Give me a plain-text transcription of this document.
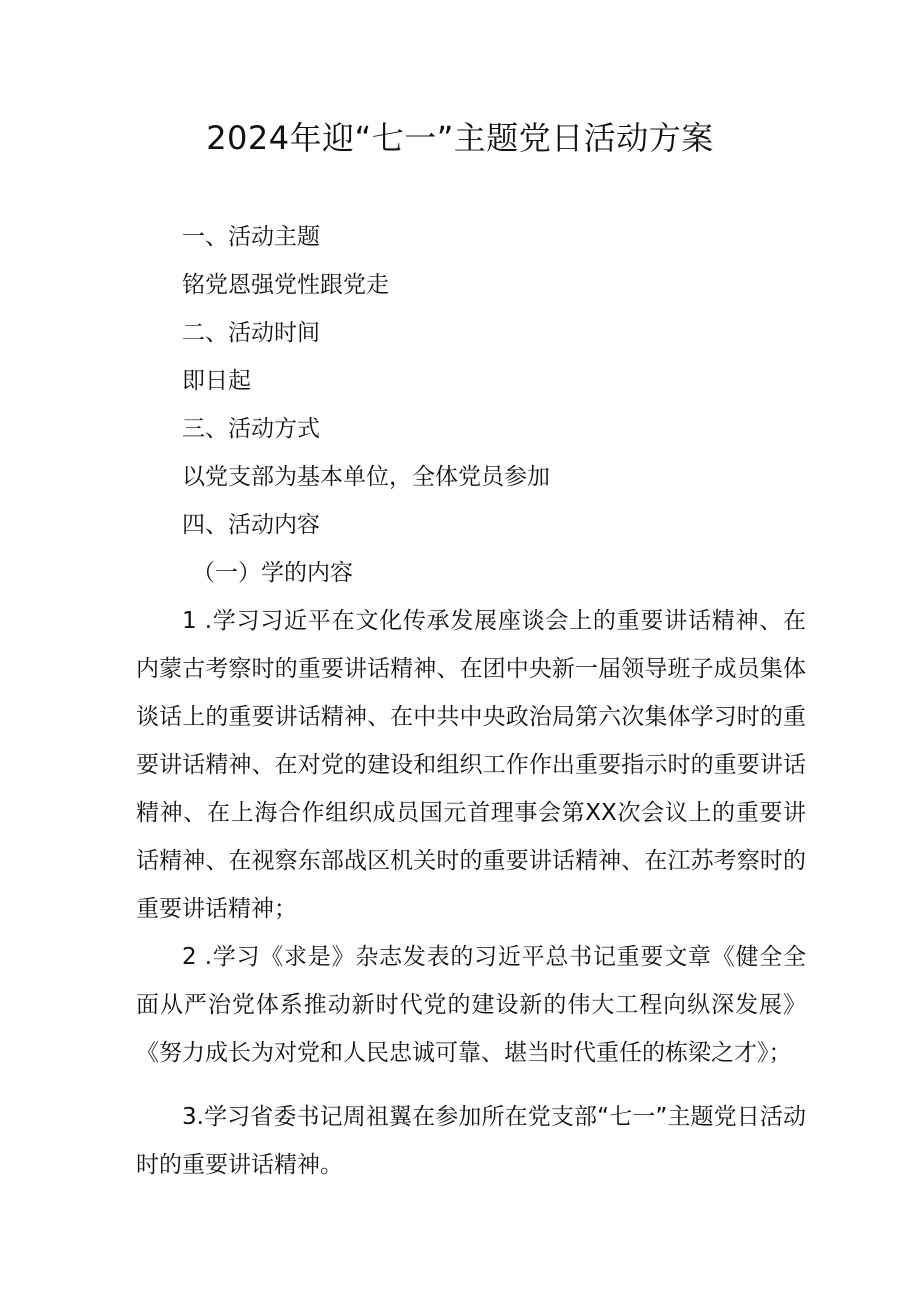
2024年迎“七一”主题党日活动方案
一、活动主题
铭党恩强党性跟党走
二、活动时间
即日起
三、活动方式
以党支部为基本单位，全体党员参加
四、活动内容
（一）学的内容
1 .学习习近平在文化传承发展座谈会上的重要讲话精神、在内蒙古考察时的重要讲话精神、在团中央新一届领导班子成员集体谈话上的重要讲话精神、在中共中央政治局第六次集体学习时的重要讲话精神、在对党的建设和组织工作作出重要指示时的重要讲话精神、在上海合作组织成员国元首理事会第XX次会议上的重要讲话精神、在视察东部战区机关时的重要讲话精神、在江苏考察时的重要讲话精神；
2 .学习《求是》杂志发表的习近平总书记重要文章《健全全面从严治党体系推动新时代党的建设新的伟大工程向纵深发展》《努力成长为对党和人民忠诚可靠、堪当时代重任的栋梁之才》；
3.学习省委书记周祖翼在参加所在党支部“七一”主题党日活动时的重要讲话精神。
